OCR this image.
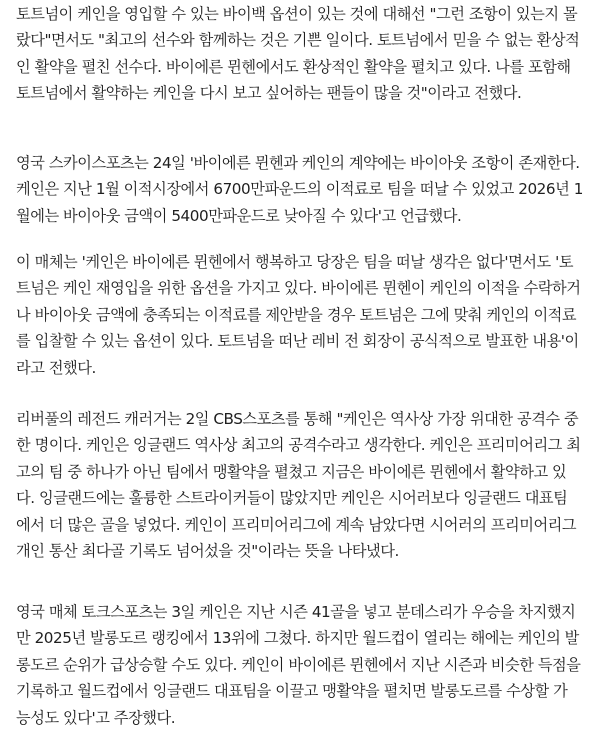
토트넘이 케인을 영입할 수 있는 바이백 옵션이 있는 것에 대해선 "그런 조항이 있는지 몰
랐다"면서도 "최고의 선수와 함께하는 것은 기쁜 일이다. 토트넘에서 믿을 수 없는 환상적
인 활약을 펼친 선수다. 바이에른 뮌헨에서도 환상적인 활약을 펼치고 있다. 나를 포함해
토트넘에서 활약하는 케인을 다시 보고 싶어하는 팬들이 많을 것"이라고 전했다.

영국 스카이스포츠는 24일 '바이에른 뮌헨과 케인의 계약에는 바이아웃 조항이 존재한다.
케인은 지난 1월 이적시장에서 6700만파운드의 이적료로 팀을 떠날 수 있었고 2026년 1
월에는 바이아웃 금액이 5400만파운드로 낮아질 수 있다'고 언급했다.

이 매체는 '케인은 바이에른 뮌헨에서 행복하고 당장은 팀을 떠날 생각은 없다'면서도 '토
트넘은 케인 재영입을 위한 옵션을 가지고 있다. 바이에른 뮌헨이 케인의 이적을 수락하거
나 바이아웃 금액에 충족되는 이적료를 제안받을 경우 토트넘은 그에 맞춰 케인의 이적료
를 입찰할 수 있는 옵션이 있다. 토트넘을 떠난 레비 전 회장이 공식적으로 발표한 내용'이
라고 전했다.

리버풀의 레전드 캐러거는 2일 CBS스포츠를 통해 "케인은 역사상 가장 위대한 공격수 중
한 명이다. 케인은 잉글랜드 역사상 최고의 공격수라고 생각한다. 케인은 프리미어리그 최
고의 팀 중 하나가 아닌 팀에서 맹활약을 펼쳤고 지금은 바이에른 뮌헨에서 활약하고 있
다. 잉글랜드에는 훌륭한 스트라이커들이 많았지만 케인은 시어러보다 잉글랜드 대표팀
에서 더 많은 골을 넣었다. 케인이 프리미어리그에 계속 남았다면 시어러의 프리미어리그
개인 통산 최다골 기록도 넘어섰을 것"이라는 뜻을 나타냈다.

영국 매체 토크스포츠는 3일 케인은 지난 시즌 41골을 넣고 분데스리가 우승을 차지했지
만 2025년 발롱도르 랭킹에서 13위에 그쳤다. 하지만 월드컵이 열리는 해에는 케인의 발
롱도르 순위가 급상승할 수도 있다. 케인이 바이에른 뮌헨에서 지난 시즌과 비슷한 득점을
기록하고 월드컵에서 잉글랜드 대표팀을 이끌고 맹활약을 펼치면 발롱도르를 수상할 가
능성도 있다'고 주장했다.
